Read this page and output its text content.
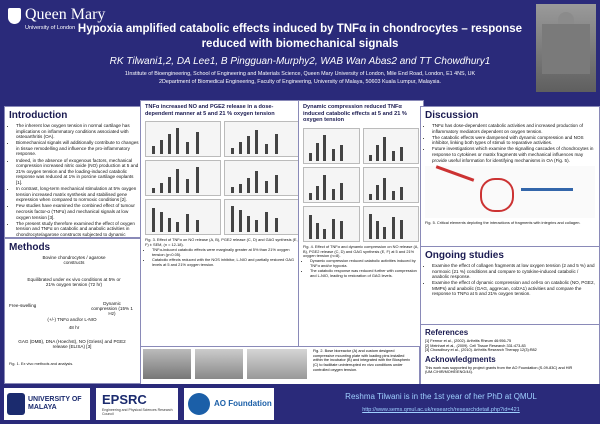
Queen Mary
University of London Hypoxia amplified catabolic effects induced by TNFα in chondrocytes – response reduced with biomechanical signals
RK Tilwani1,2, DA Lee1, B Pingguan-Murphy2, WAB Wan Abas2 and TT Chowdhury1
1Institute of Bioengineering, School of Engineering and Materials Science, Queen Mary University of London, Mile End Road, London, E1 4NS, UK
2Department of Biomedical Engineering, Faculty of Engineering, University of Malaya, 50603 Kuala Lumpur, Malaysia.
Introduction
• The inherent low oxygen tension in normal cartilage has implications on inflammatory conditions associated with osteoarthritis (OA).
• Biomechanical signals will additionally contribute to changes in tissue remodelling and influence the pro-inflammatory response.
• Indeed, in the absence of exogenous factors, mechanical compression increased nitric oxide (NO) production at 5 and 21% oxygen tension and the loading-induced catabolic response was reduced at 1% in porcine cartilage explants [1].
• In contrast, long-term mechanical stimulation at 5% oxygen tension increased matrix synthesis and stabilised gene expression when compared to normoxic conditions [2].
• Few studies have examined the combined effect of tumour necrosis factor-α (TNFα) and mechanical signals at low oxygen tension [3].
• The present study therefore examined the effect of oxygen tension and TNFα on catabolic and anabolic activities in chondrocyte/agarose constructs subjected to dynamic
Methods
Bovine chondrocytes / agarose constructs
Equilibrated under ex vivo conditions at 5% or 21% oxygen tension (72 hr)
Free-swelling	Dynamic compression (15% 1 Hz)
(+/-) TNFα and/or L-NIO
48 hr
GAG (DMB), DNA (Hoechst), NO (Griess) and PGE2 release (ELISA) [3]
Fig. 1. Ex vivo methods and analysis.
TNFα increased NO and PGE2 release in a dose-dependent manner at 5 and 21 % oxygen tension
Fig. 3. Effect of TNFα on NO release (A, B), PGE2 release (C, D) and GAG synthesis (E, F) ± SEM, (n = 12-18).
• TNFα-induced catabolic effects were marginally greater at 5% than 21% oxygen tension (p<0.05).
• Catabolic effects reduced with the NOS inhibitor, L-NIO and partially restored GAG levels at 5 and 21% oxygen tension.
Dynamic compression reduced TNFα induced catabolic effects at 5 and 21 % oxygen tension
Fig. 4. Effect of TNFα and dynamic compression on NO release (A, B), PGE2 release (C, D) and GAG synthesis (E, F) at 5 and 21% oxygen tension (n=8).
• Dynamic compression reduced catabolic activities induced by TNFα and/or hypoxia.
• The catabolic response was reduced further with compression and L-NIO, leading to restoration of GAG levels.
Fig. 2. Bose bioreactor (A) and custom designed compressive mounting plate with loading pins installed within the incubator (B) and integrated with the Biospherix (C) to facilitate uninterrupted ex vivo conditions under controlled oxygen tension.
Discussion
• TNFα has dose-dependent catabolic activities and increased production of inflammatory mediators dependent on oxygen tension.
• The catabolic effects were dampened with dynamic compression and NOS inhibitor, linking both types of stimuli to reparative activities.
• Future investigations which examine the signalling cascades of chondrocytes in response to cytokines or matrix fragments with mechanical influences may provide useful information for identifying mechanisms in OA (Fig. 5).
Fig. 5. Critical elements depicting the interactions of fragments with integrins and collagen.
Ongoing studies
• Examine the effect of collagen fragments at low oxygen tension (2 and 5 %) and normoxic (21 %) conditions and compare to cytokine-induced catabolic / anabolic response.
• Examine the effect of dynamic compression and cell-to on catabolic (NO, PGE2, MMPs) and anabolic (GAG, aggrecan, col2A1) activities and compare the response to TNFα at 5 and 21% oxygen tension.
References
[1] Fermor et al., (2002). Arthritis Rheum 46:956-75
[2] Meinhart et al., (2009). Cell Tissue Research 331:473-83
[3] Chowdhury et al., (2010). Arthritis Research Therapy 12(3):R82
Acknowledgments
This work was supported by project grants from the AO Foundation (S-09-83C) and HIR (UM.C/HIR/MOHE/ENG/44).
UNIVERSITY OF MALAYA
EPSRC
Engineering and Physical Sciences Research Council
AO Foundation
Reshma Tilwani is in the 1st year of her PhD at QMUL
http://www.sems.qmul.ac.uk/research/researchdetail.php?id=421
